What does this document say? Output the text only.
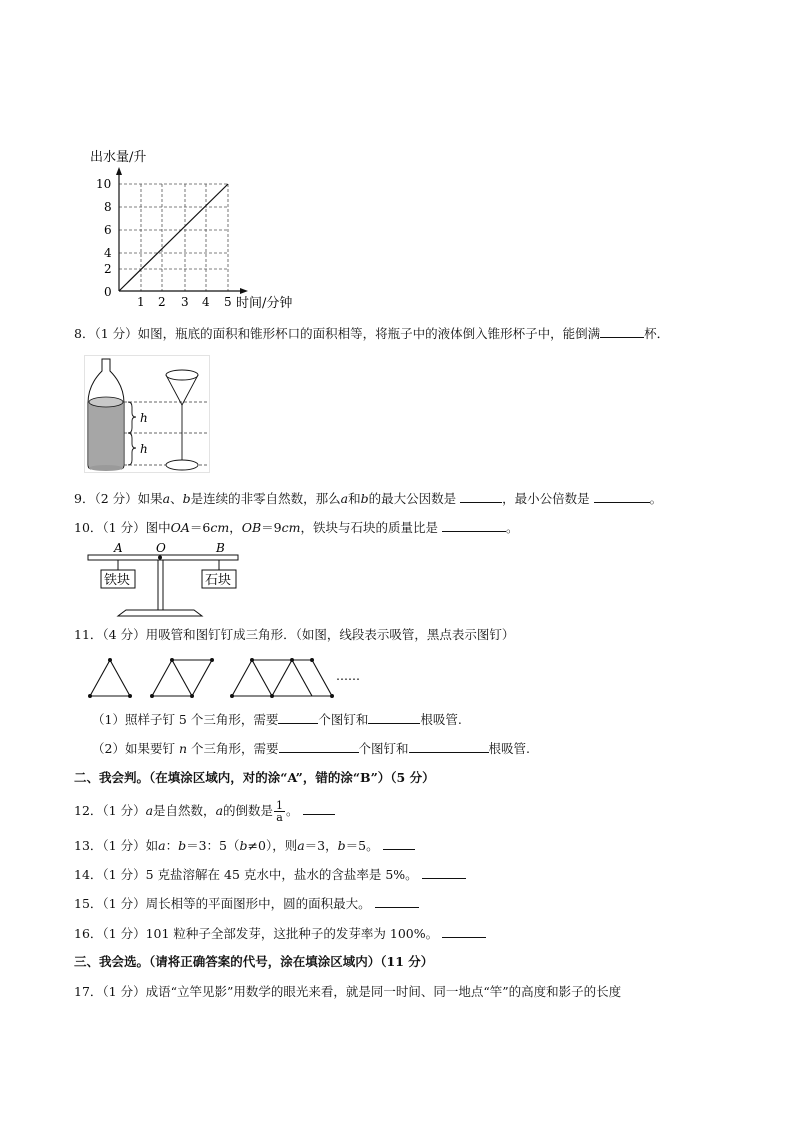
出水量/升
10
8
6
4
2
0
1 2 3 4 5 时间/分钟
8．（1 分）如图，瓶底的面积和锥形杯口的面积相等，将瓶子中的液体倒入锥形杯子中，能倒满	杯．
h
h
9．（2 分）如果a、b是连续的非零自然数，那么a和b的最大公因数是	，最小公倍数是	。
10．（1 分）图中OA＝6cm，OB＝9cm，铁块与石块的质量比是	。
A	O	B
铁块	石块
11．（4 分）用吸管和图钉钉成三角形．（如图，线段表示吸管，黑点表示图钉）
……
（1）照样子钉 5 个三角形，需要	个图钉和	根吸管.
（2）如果要钉 n 个三角形，需要	个图钉和	根吸管.
二、我会判。（在填涂区域内，对的涂“A”，错的涂“B”）（5 分）
12．（1 分）a是自然数，a的倒数是 $\frac{1}{a}$ 。
13．（1 分）如a：b＝3：5（b≠0），则a＝3，b＝5。
14．（1 分）5 克盐溶解在 45 克水中，盐水的含盐率是 5%。
15．（1 分）周长相等的平面图形中，圆的面积最大。
16．（1 分）101 粒种子全部发芽，这批种子的发芽率为 100%。
三、我会选。（请将正确答案的代号，涂在填涂区域内）（11 分）
17．（1 分）成语“立竿见影”用数学的眼光来看，就是同一时间、同一地点“竿”的高度和影子的长度
